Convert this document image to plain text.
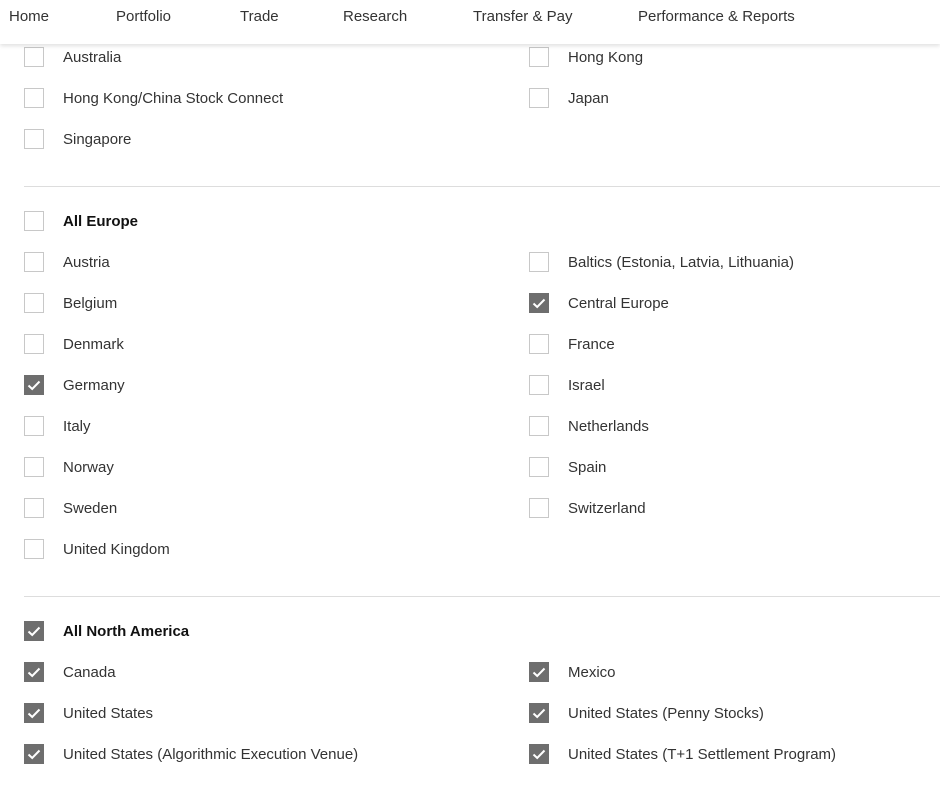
Home	Portfolio	Trade	Research	Transfer & Pay	Performance & Reports
Australia	Hong Kong
Hong Kong/China Stock Connect	Japan
Singapore
All Europe
Austria	Baltics (Estonia, Latvia, Lithuania)
Belgium	Central Europe
Denmark	France
Germany	Israel
Italy	Netherlands
Norway	Spain
Sweden	Switzerland
United Kingdom
All North America
Canada	Mexico
United States	United States (Penny Stocks)
United States (Algorithmic Execution Venue)	United States (T+1 Settlement Program)
